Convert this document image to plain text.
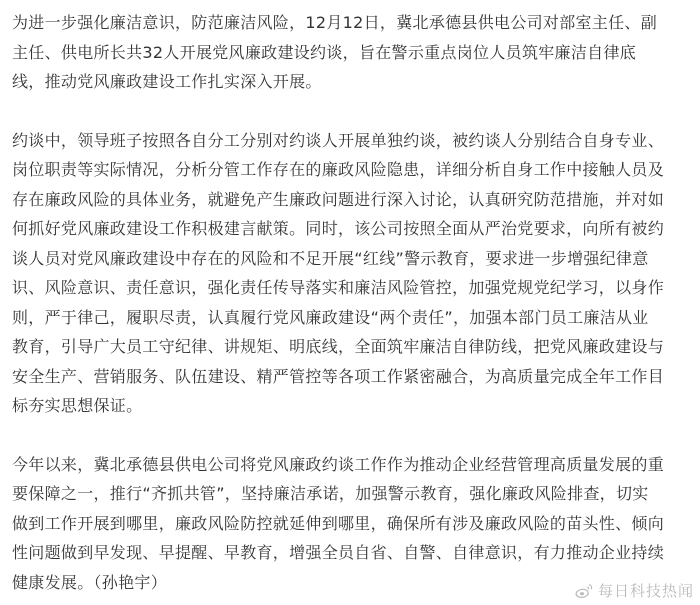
为进一步强化廉洁意识，防范廉洁风险，12月12日，冀北承德县供电公司对部室主任、副
主任、供电所长共32人开展党风廉政建设约谈，旨在警示重点岗位人员筑牢廉洁自律底
线，推动党风廉政建设工作扎实深入开展。

约谈中，领导班子按照各自分工分别对约谈人开展单独约谈，被约谈人分别结合自身专业、
岗位职责等实际情况，分析分管工作存在的廉政风险隐患，详细分析自身工作中接触人员及
存在廉政风险的具体业务，就避免产生廉政问题进行深入讨论，认真研究防范措施，并对如
何抓好党风廉政建设工作积极建言献策。同时，该公司按照全面从严治党要求，向所有被约
谈人员对党风廉政建设中存在的风险和不足开展“红线”警示教育，要求进一步增强纪律意
识、风险意识、责任意识，强化责任传导落实和廉洁风险管控，加强党规党纪学习，以身作
则，严于律己，履职尽责，认真履行党风廉政建设“两个责任”，加强本部门员工廉洁从业
教育，引导广大员工守纪律、讲规矩、明底线，全面筑牢廉洁自律防线，把党风廉政建设与
安全生产、营销服务、队伍建设、精严管控等各项工作紧密融合，为高质量完成全年工作目
标夯实思想保证。

今年以来，冀北承德县供电公司将党风廉政约谈工作作为推动企业经营管理高质量发展的重
要保障之一，推行“齐抓共管”，坚持廉洁承诺，加强警示教育，强化廉政风险排查，切实
做到工作开展到哪里，廉政风险防控就延伸到哪里，确保所有涉及廉政风险的苗头性、倾向
性问题做到早发现、早提醒、早教育，增强全员自省、自警、自律意识，有力推动企业持续
健康发展。（孙艳宇）	每日科技热闻
